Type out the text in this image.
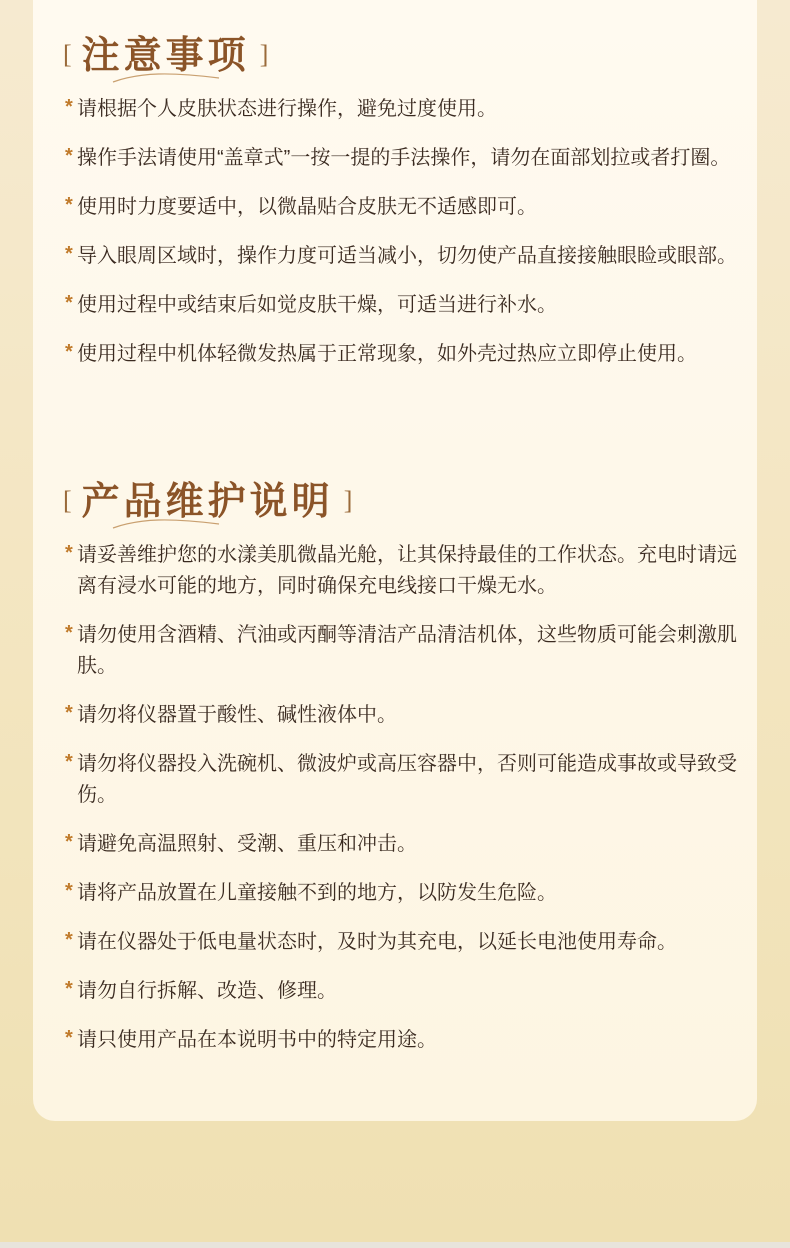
[ 注意事项 ]
* 请根据个人皮肤状态进行操作，避免过度使用。
* 操作手法请使用“盖章式”一按一提的手法操作，请勿在面部划拉或者打圈。
* 使用时力度要适中，以微晶贴合皮肤无不适感即可。
* 导入眼周区域时，操作力度可适当减小，切勿使产品直接接触眼睑或眼部。
* 使用过程中或结束后如觉皮肤干燥，可适当进行补水。
* 使用过程中机体轻微发热属于正常现象，如外壳过热应立即停止使用。
[ 产品维护说明 ]
* 请妥善维护您的水漾美肌微晶光舱，让其保持最佳的工作状态。充电时请远离有浸水可能的地方，同时确保充电线接口干燥无水。
* 请勿使用含酒精、汽油或丙酮等清洁产品清洁机体，这些物质可能会刺激肌肤。
* 请勿将仪器置于酸性、碱性液体中。
* 请勿将仪器投入洗碗机、微波炉或高压容器中，否则可能造成事故或导致受伤。
* 请避免高温照射、受潮、重压和冲击。
* 请将产品放置在儿童接触不到的地方，以防发生危险。
* 请在仪器处于低电量状态时，及时为其充电，以延长电池使用寿命。
* 请勿自行拆解、改造、修理。
* 请只使用产品在本说明书中的特定用途。
